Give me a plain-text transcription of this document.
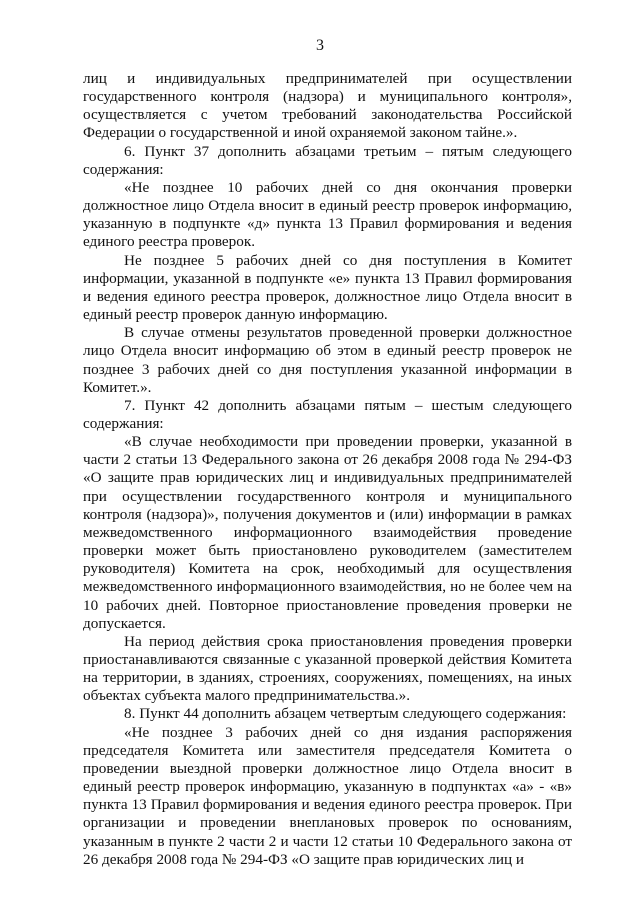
3

лиц и индивидуальных предпринимателей при осуществлении государственного контроля (надзора) и муниципального контроля», осуществляется с учетом требований законодательства Российской Федерации о государственной и иной охраняемой законом тайне.».

6. Пункт 37 дополнить абзацами третьим – пятым следующего содержания:

«Не позднее 10 рабочих дней со дня окончания проверки должностное лицо Отдела вносит в единый реестр проверок информацию, указанную в подпункте «д» пункта 13 Правил формирования и ведения единого реестра проверок.

Не позднее 5 рабочих дней со дня поступления в Комитет информации, указанной в подпункте «е» пункта 13 Правил формирования и ведения единого реестра проверок, должностное лицо Отдела вносит в единый реестр проверок данную информацию.

В случае отмены результатов проведенной проверки должностное лицо Отдела вносит информацию об этом в единый реестр проверок не позднее 3 рабочих дней со дня поступления указанной информации в Комитет.».

7. Пункт 42 дополнить абзацами пятым – шестым следующего содержания:

«В случае необходимости при проведении проверки, указанной в части 2 статьи 13 Федерального закона от 26 декабря 2008 года № 294-ФЗ «О защите прав юридических лиц и индивидуальных предпринимателей при осуществлении государственного контроля и муниципального контроля (надзора)», получения документов и (или) информации в рамках межведомственного информационного взаимодействия проведение проверки может быть приостановлено руководителем (заместителем руководителя) Комитета на срок, необходимый для осуществления межведомственного информационного взаимодействия, но не более чем на 10 рабочих дней. Повторное приостановление проведения проверки не допускается.

На период действия срока приостановления проведения проверки приостанавливаются связанные с указанной проверкой действия Комитета на территории, в зданиях, строениях, сооружениях, помещениях, на иных объектах субъекта малого предпринимательства.».

8. Пункт 44 дополнить абзацем четвертым следующего содержания:

«Не позднее 3 рабочих дней со дня издания распоряжения председателя Комитета или заместителя председателя Комитета о проведении выездной проверки должностное лицо Отдела вносит в единый реестр проверок информацию, указанную в подпунктах «а» - «в» пункта 13 Правил формирования и ведения единого реестра проверок. При организации и проведении внеплановых проверок по основаниям, указанным в пункте 2 части 2 и части 12 статьи 10 Федерального закона от 26 декабря 2008 года № 294-ФЗ «О защите прав юридических лиц и
